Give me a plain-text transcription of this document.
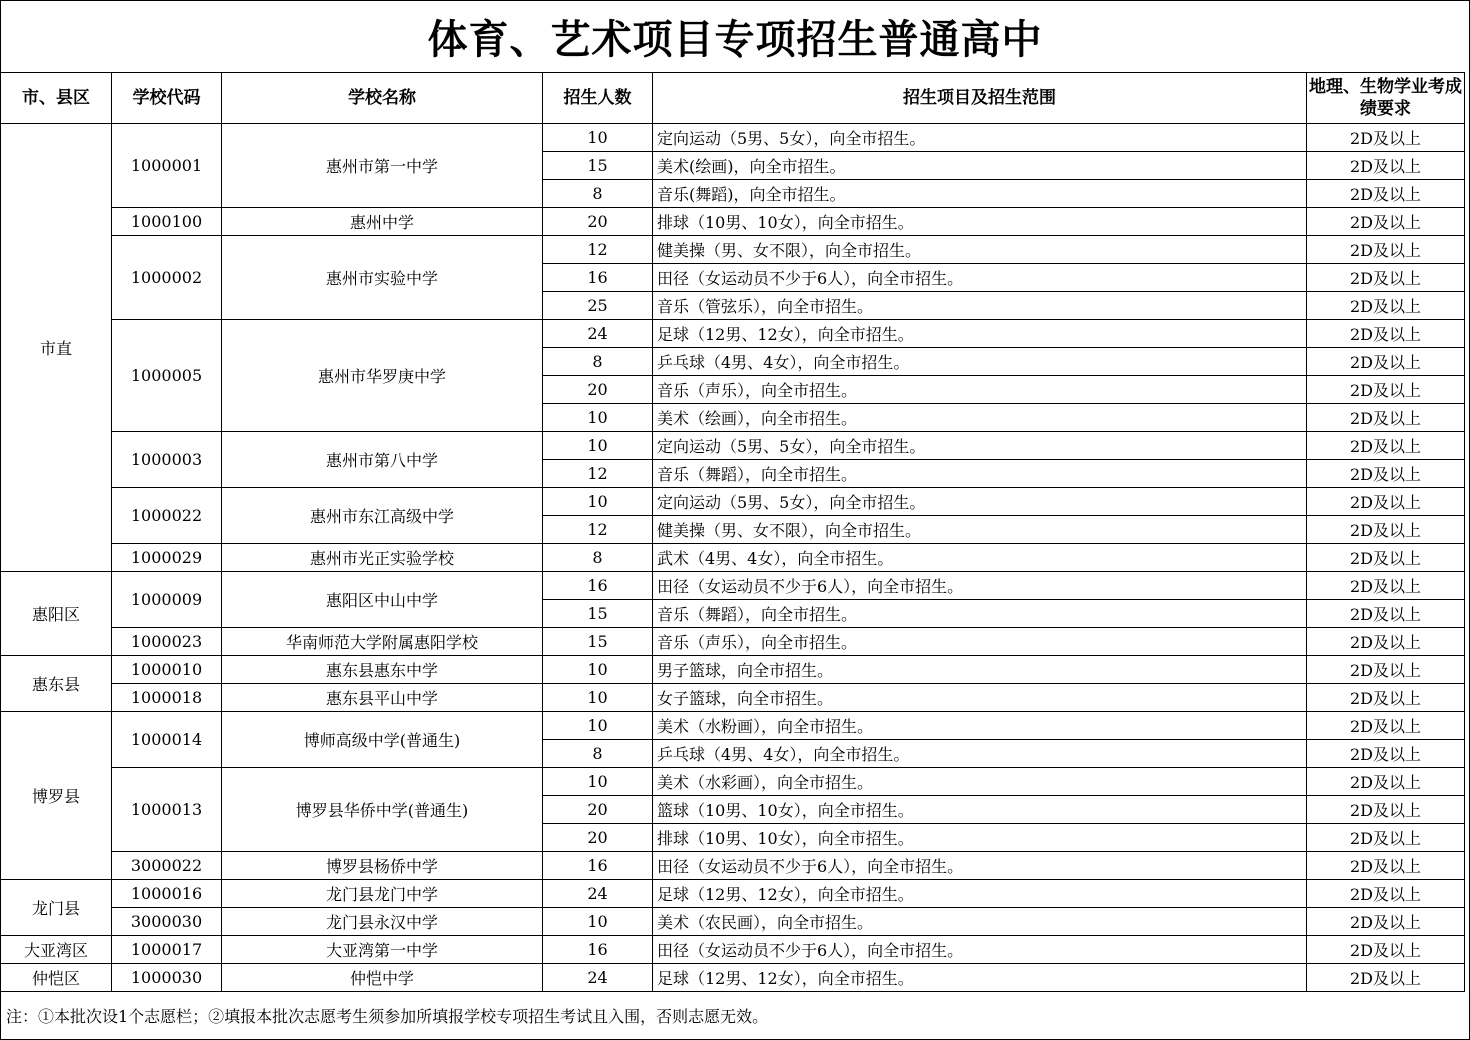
体育、艺术项目专项招生普通高中
市、县区	学校代码	学校名称	招生人数	招生项目及招生范围	地理、生物学业考成绩要求
市直	1000001	惠州市第一中学	10	定向运动（5男、5女），向全市招生。	2D及以上
			15	美术(绘画)，向全市招生。	2D及以上
			8	音乐(舞蹈)，向全市招生。	2D及以上
	1000100	惠州中学	20	排球（10男、10女），向全市招生。	2D及以上
	1000002	惠州市实验中学	12	健美操（男、女不限），向全市招生。	2D及以上
			16	田径（女运动员不少于6人），向全市招生。	2D及以上
			25	音乐（管弦乐），向全市招生。	2D及以上
	1000005	惠州市华罗庚中学	24	足球（12男、12女），向全市招生。	2D及以上
			8	乒乓球（4男、4女），向全市招生。	2D及以上
			20	音乐（声乐），向全市招生。	2D及以上
			10	美术（绘画），向全市招生。	2D及以上
	1000003	惠州市第八中学	10	定向运动（5男、5女），向全市招生。	2D及以上
			12	音乐（舞蹈），向全市招生。	2D及以上
	1000022	惠州市东江高级中学	10	定向运动（5男、5女），向全市招生。	2D及以上
			12	健美操（男、女不限），向全市招生。	2D及以上
	1000029	惠州市光正实验学校	8	武术（4男、4女），向全市招生。	2D及以上
惠阳区	1000009	惠阳区中山中学	16	田径（女运动员不少于6人），向全市招生。	2D及以上
			15	音乐（舞蹈），向全市招生。	2D及以上
	1000023	华南师范大学附属惠阳学校	15	音乐（声乐），向全市招生。	2D及以上
惠东县	1000010	惠东县惠东中学	10	男子篮球，向全市招生。	2D及以上
	1000018	惠东县平山中学	10	女子篮球，向全市招生。	2D及以上
博罗县	1000014	博师高级中学(普通生)	10	美术（水粉画），向全市招生。	2D及以上
			8	乒乓球（4男、4女），向全市招生。	2D及以上
	1000013	博罗县华侨中学(普通生)	10	美术（水彩画），向全市招生。	2D及以上
			20	篮球（10男、10女），向全市招生。	2D及以上
			20	排球（10男、10女），向全市招生。	2D及以上
	3000022	博罗县杨侨中学	16	田径（女运动员不少于6人），向全市招生。	2D及以上
龙门县	1000016	龙门县龙门中学	24	足球（12男、12女），向全市招生。	2D及以上
	3000030	龙门县永汉中学	10	美术（农民画），向全市招生。	2D及以上
大亚湾区	1000017	大亚湾第一中学	16	田径（女运动员不少于6人），向全市招生。	2D及以上
仲恺区	1000030	仲恺中学	24	足球（12男、12女），向全市招生。	2D及以上
注：①本批次设1个志愿栏；②填报本批次志愿考生须参加所填报学校专项招生考试且入围，否则志愿无效。
